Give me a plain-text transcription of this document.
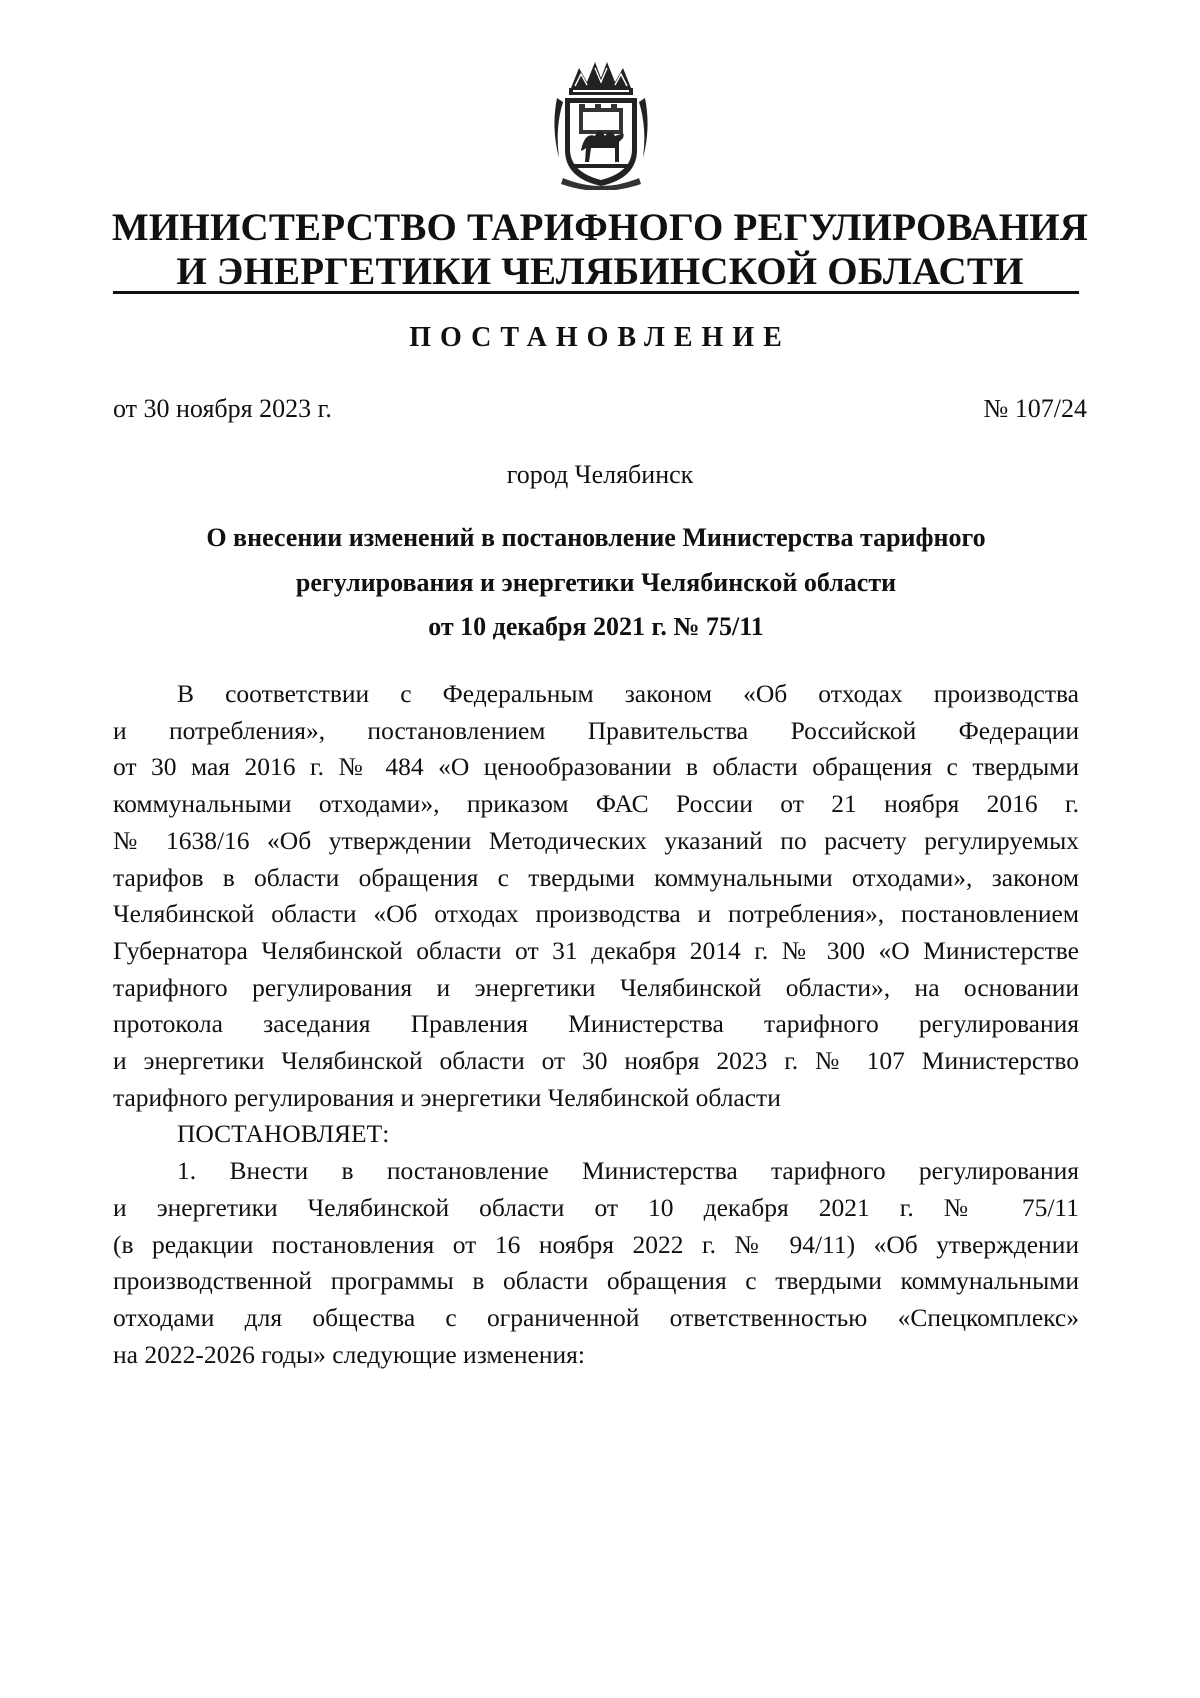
МИНИСТЕРСТВО ТАРИФНОГО РЕГУЛИРОВАНИЯ
И ЭНЕРГЕТИКИ ЧЕЛЯБИНСКОЙ ОБЛАСТИ
ПОСТАНОВЛЕНИЕ
от 30 ноября 2023 г.	№ 107/24
город Челябинск
О внесении изменений в постановление Министерства тарифного
регулирования и энергетики Челябинской области
от 10 декабря 2021 г. № 75/11
В соответствии с Федеральным законом «Об отходах производства
и потребления», постановлением Правительства Российской Федерации
от 30 мая 2016 г. № 484 «О ценообразовании в области обращения с твердыми
коммунальными отходами», приказом ФАС России от 21 ноября 2016 г.
№ 1638/16 «Об утверждении Методических указаний по расчету регулируемых
тарифов в области обращения с твердыми коммунальными отходами», законом
Челябинской области «Об отходах производства и потребления», постановлением
Губернатора Челябинской области от 31 декабря 2014 г. № 300 «О Министерстве
тарифного регулирования и энергетики Челябинской области», на основании
протокола заседания Правления Министерства тарифного регулирования
и энергетики Челябинской области от 30 ноября 2023 г. № 107 Министерство
тарифного регулирования и энергетики Челябинской области
ПОСТАНОВЛЯЕТ:
1. Внести в постановление Министерства тарифного регулирования
и энергетики Челябинской области от 10 декабря 2021 г. № 75/11
(в редакции постановления от 16 ноября 2022 г. № 94/11) «Об утверждении
производственной программы в области обращения с твердыми коммунальными
отходами для общества с ограниченной ответственностью «Спецкомплекс»
на 2022-2026 годы» следующие изменения:
